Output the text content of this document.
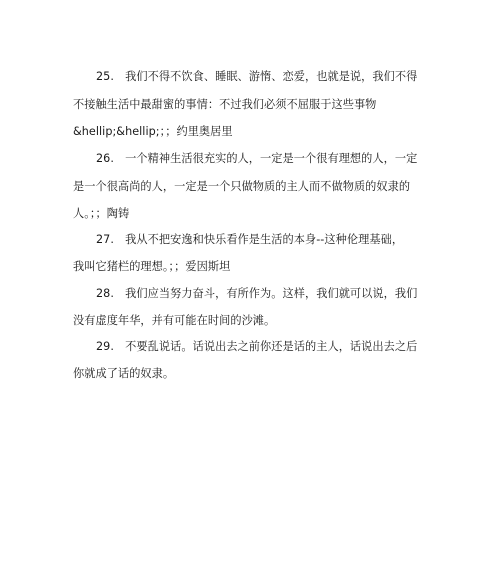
25.　我们不得不饮食、睡眠、游惰、恋爱，也就是说，我们不得
不接触生活中最甜蜜的事情：不过我们必须不屈服于这些事物
&hellip;&hellip;；；约里奥居里
26.　一个精神生活很充实的人，一定是一个很有理想的人，一定
是一个很高尚的人，一定是一个只做物质的主人而不做物质的奴隶的
人。；；陶铸
27.　我从不把安逸和快乐看作是生活的本身--这种伦理基础，
我叫它猪栏的理想。；；爱因斯坦
28.　我们应当努力奋斗，有所作为。这样，我们就可以说，我们
没有虚度年华，并有可能在时间的沙滩。
29.　不要乱说话。话说出去之前你还是话的主人，话说出去之后
你就成了话的奴隶。
